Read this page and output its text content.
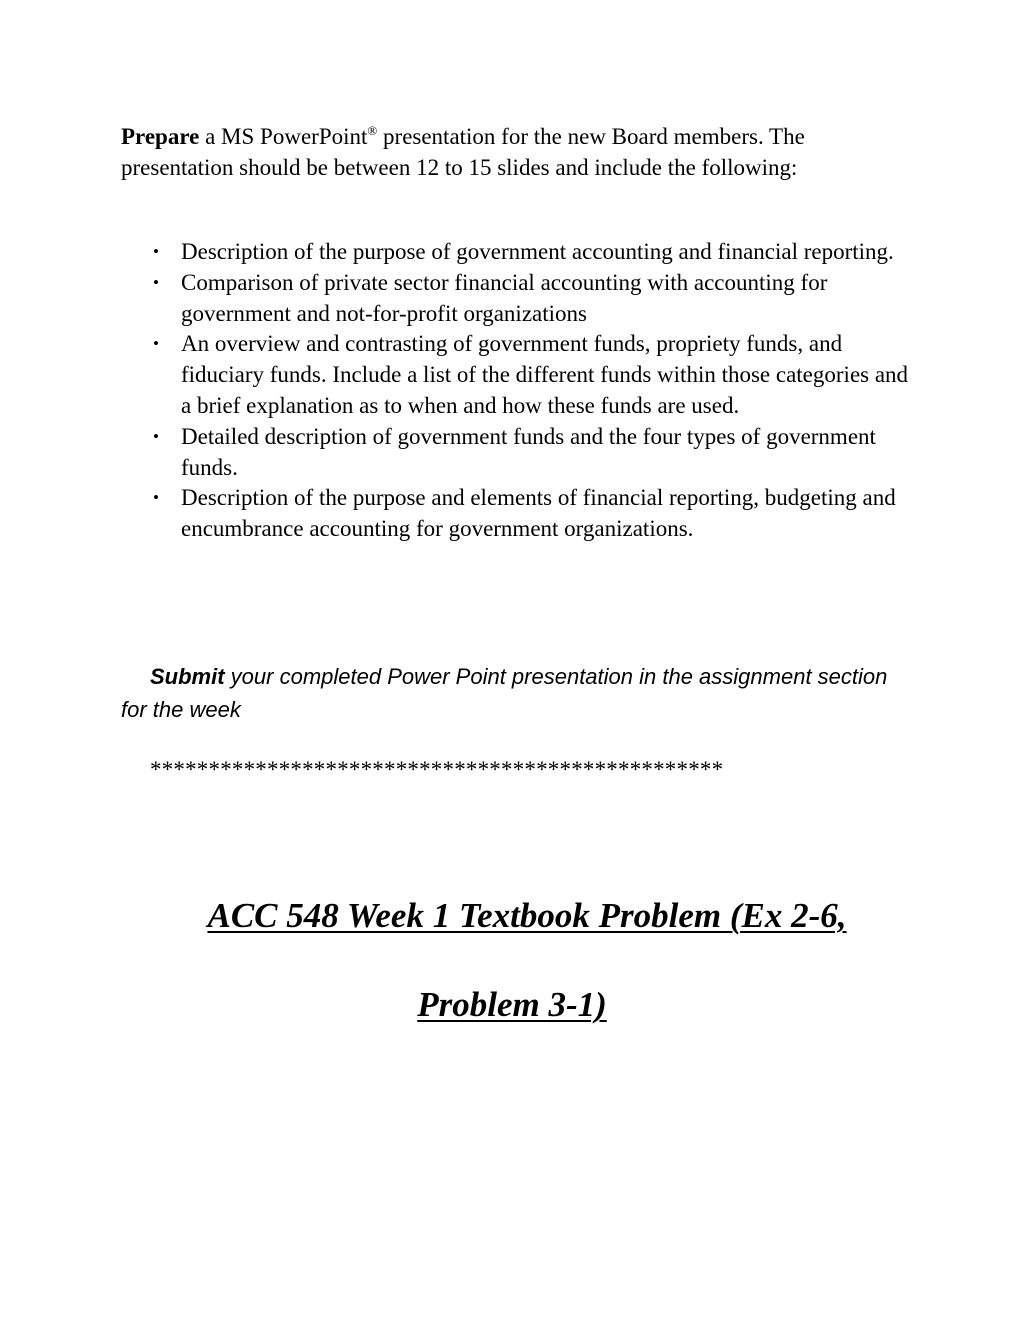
Prepare a MS PowerPoint® presentation for the new Board members. The presentation should be between 12 to 15 slides and include the following:

• Description of the purpose of government accounting and financial reporting.
• Comparison of private sector financial accounting with accounting for government and not-for-profit organizations
• An overview and contrasting of government funds, propriety funds, and fiduciary funds. Include a list of the different funds within those categories and a brief explanation as to when and how these funds are used.
• Detailed description of government funds and the four types of government funds.
• Description of the purpose and elements of financial reporting, budgeting and encumbrance accounting for government organizations.

Submit your completed Power Point presentation in the assignment section for the week

*************************************************
ACC 548 Week 1 Textbook Problem (Ex 2-6,
Problem 3-1)
